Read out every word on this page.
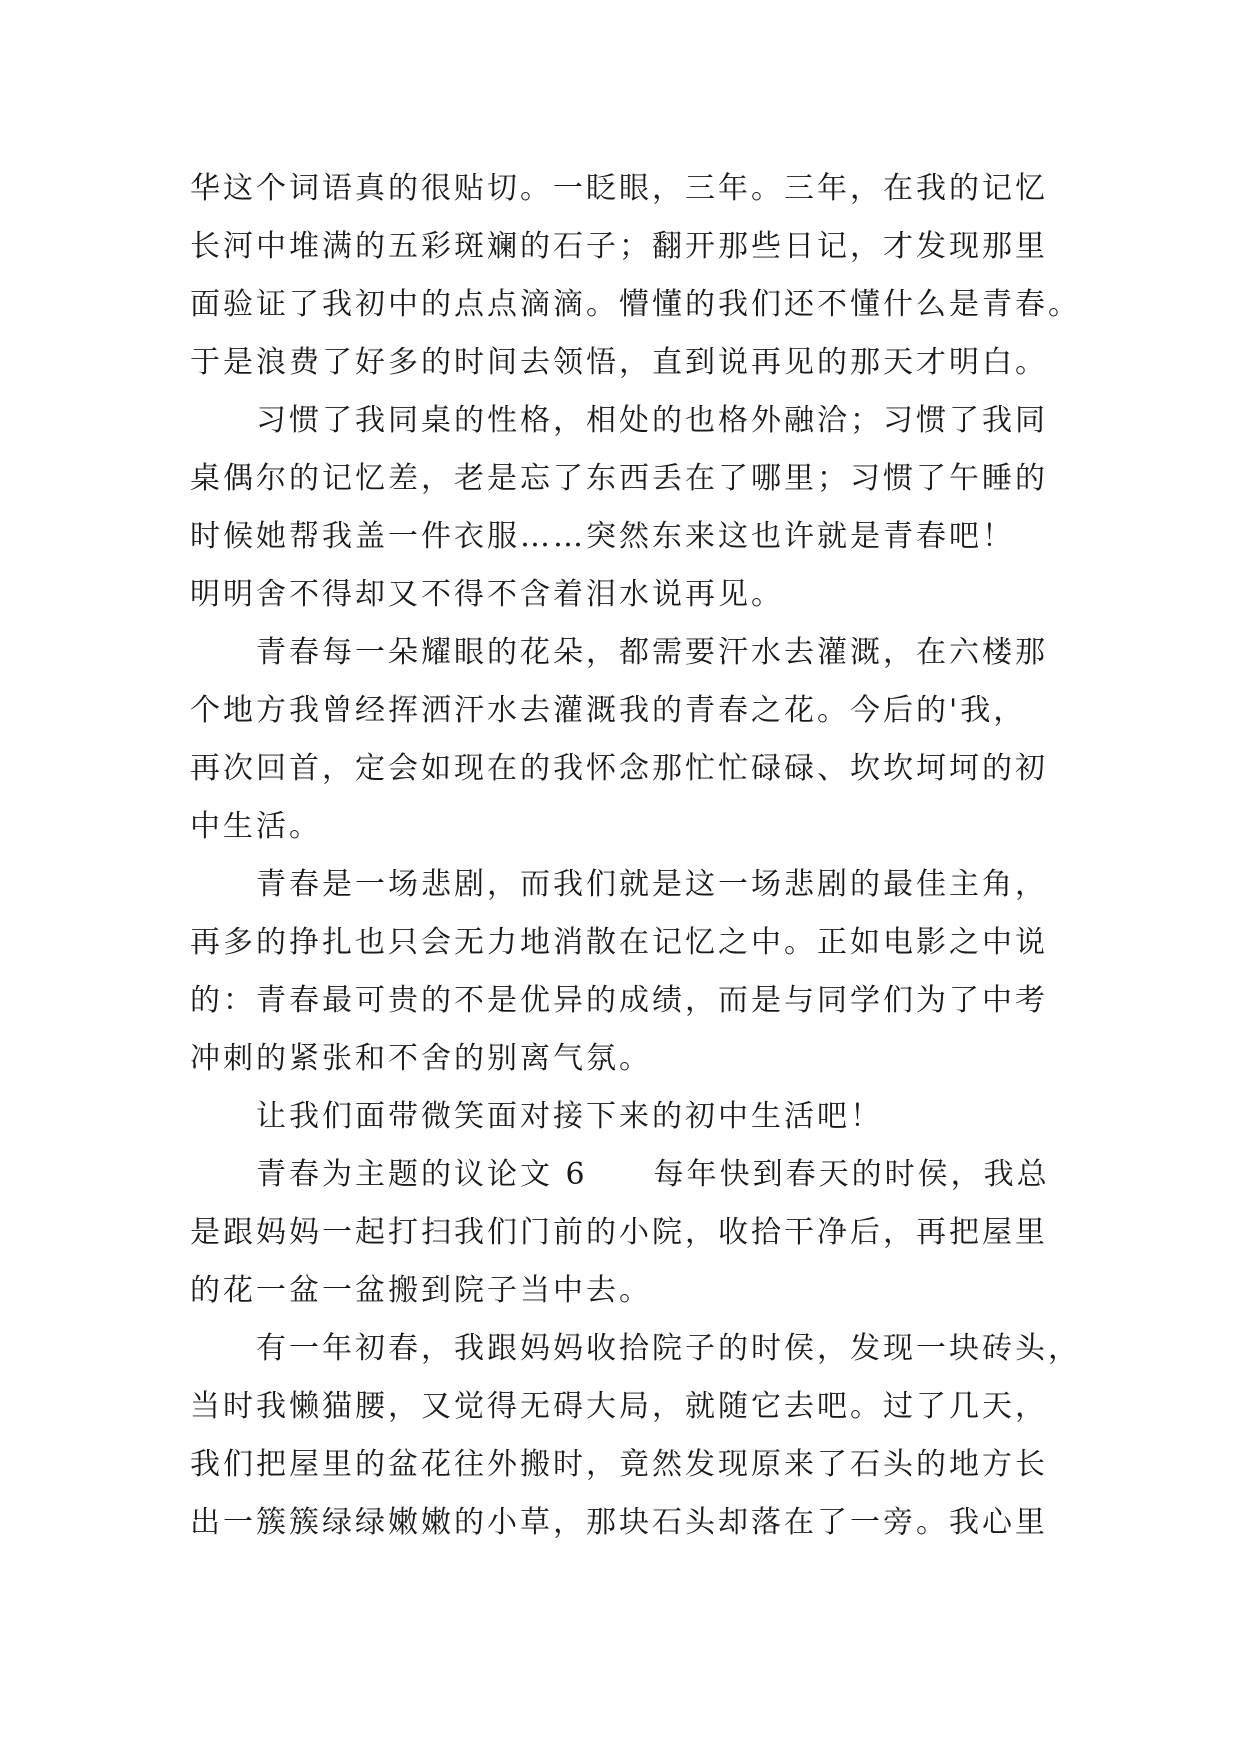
华这个词语真的很贴切。一眨眼，三年。三年，在我的记忆
长河中堆满的五彩斑斓的石子；翻开那些日记，才发现那里
面验证了我初中的点点滴滴。懵懂的我们还不懂什么是青春。
于是浪费了好多的时间去领悟，直到说再见的那天才明白。
习惯了我同桌的性格，相处的也格外融洽；习惯了我同
桌偶尔的记忆差，老是忘了东西丢在了哪里；习惯了午睡的
时候她帮我盖一件衣服……突然东来这也许就是青春吧！
明明舍不得却又不得不含着泪水说再见。
青春每一朵耀眼的花朵，都需要汗水去灌溉，在六楼那
个地方我曾经挥洒汗水去灌溉我的青春之花。今后的'我，
再次回首，定会如现在的我怀念那忙忙碌碌、坎坎坷坷的初
中生活。
青春是一场悲剧，而我们就是这一场悲剧的最佳主角，
再多的挣扎也只会无力地消散在记忆之中。正如电影之中说
的：青春最可贵的不是优异的成绩，而是与同学们为了中考
冲刺的紧张和不舍的别离气氛。
让我们面带微笑面对接下来的初中生活吧！
青春为主题的议论文 6　　每年快到春天的时侯，我总
是跟妈妈一起打扫我们门前的小院，收拾干净后，再把屋里
的花一盆一盆搬到院子当中去。
有一年初春，我跟妈妈收拾院子的时侯，发现一块砖头，
当时我懒猫腰，又觉得无碍大局，就随它去吧。过了几天，
我们把屋里的盆花往外搬时，竟然发现原来了石头的地方长
出一簇簇绿绿嫩嫩的小草，那块石头却落在了一旁。我心里
